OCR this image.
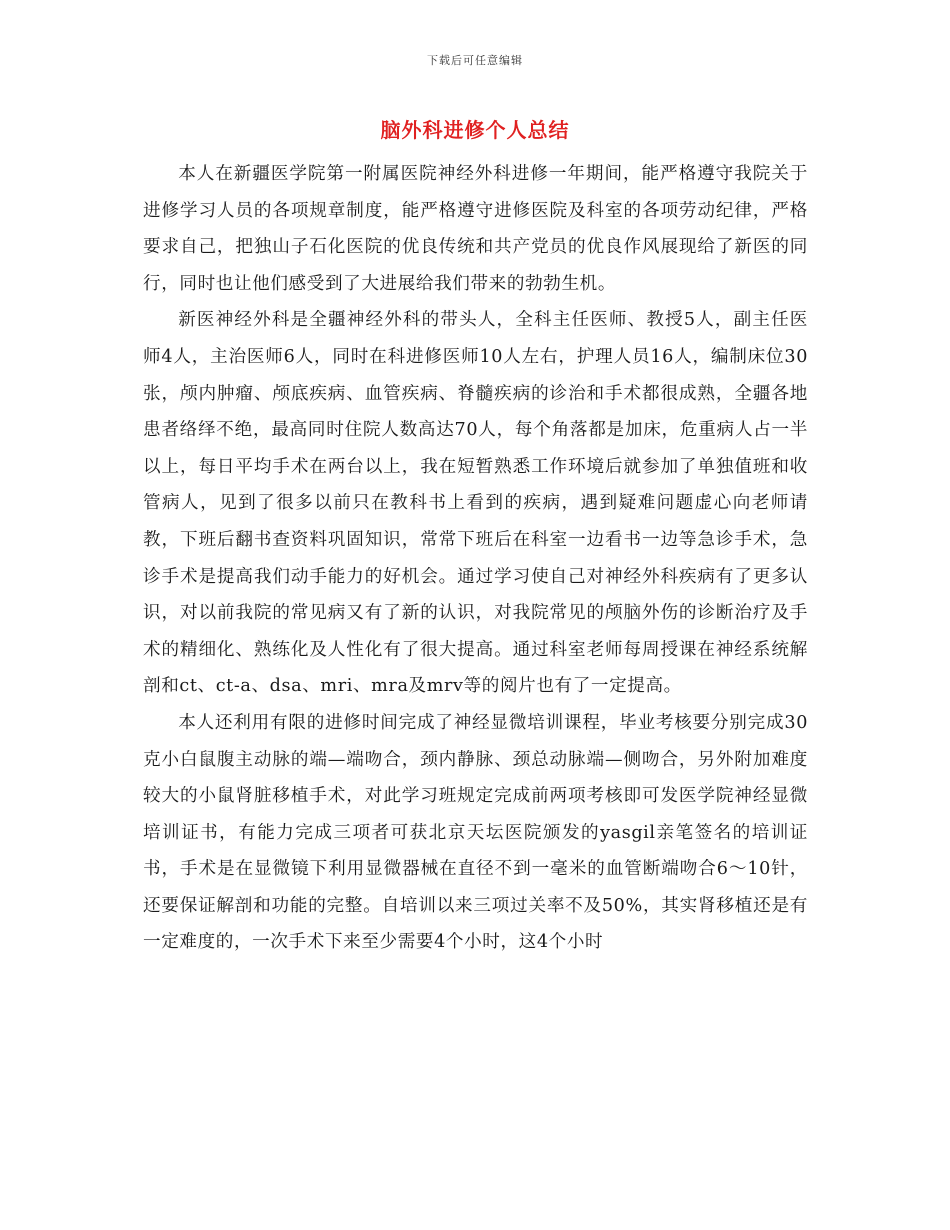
下载后可任意编辑
脑外科进修个人总结

本人在新疆医学院第一附属医院神经外科进修一年期间，能严格遵守我院关于进修学习人员的各项规章制度，能严格遵守进修医院及科室的各项劳动纪律，严格要求自己，把独山子石化医院的优良传统和共产党员的优良作风展现给了新医的同行，同时也让他们感受到了大进展给我们带来的勃勃生机。

新医神经外科是全疆神经外科的带头人，全科主任医师、教授5人，副主任医师4人，主治医师6人，同时在科进修医师10人左右，护理人员16人，编制床位30张，颅内肿瘤、颅底疾病、血管疾病、脊髓疾病的诊治和手术都很成熟，全疆各地患者络绎不绝，最高同时住院人数高达70人，每个角落都是加床，危重病人占一半以上，每日平均手术在两台以上，我在短暂熟悉工作环境后就参加了单独值班和收管病人，见到了很多以前只在教科书上看到的疾病，遇到疑难问题虚心向老师请教，下班后翻书查资料巩固知识，常常下班后在科室一边看书一边等急诊手术，急诊手术是提高我们动手能力的好机会。通过学习使自己对神经外科疾病有了更多认识，对以前我院的常见病又有了新的认识，对我院常见的颅脑外伤的诊断治疗及手术的精细化、熟练化及人性化有了很大提高。通过科室老师每周授课在神经系统解剖和ct、ct-a、dsa、mri、mra及mrv等的阅片也有了一定提高。

本人还利用有限的进修时间完成了神经显微培训课程，毕业考核要分别完成30克小白鼠腹主动脉的端—端吻合，颈内静脉、颈总动脉端—侧吻合，另外附加难度较大的小鼠肾脏移植手术，对此学习班规定完成前两项考核即可发医学院神经显微培训证书，有能力完成三项者可获北京天坛医院颁发的yasgil亲笔签名的培训证书，手术是在显微镜下利用显微器械在直径不到一毫米的血管断端吻合6～10针，还要保证解剖和功能的完整。自培训以来三项过关率不及50%，其实肾移植还是有一定难度的，一次手术下来至少需要4个小时，这4个小时
